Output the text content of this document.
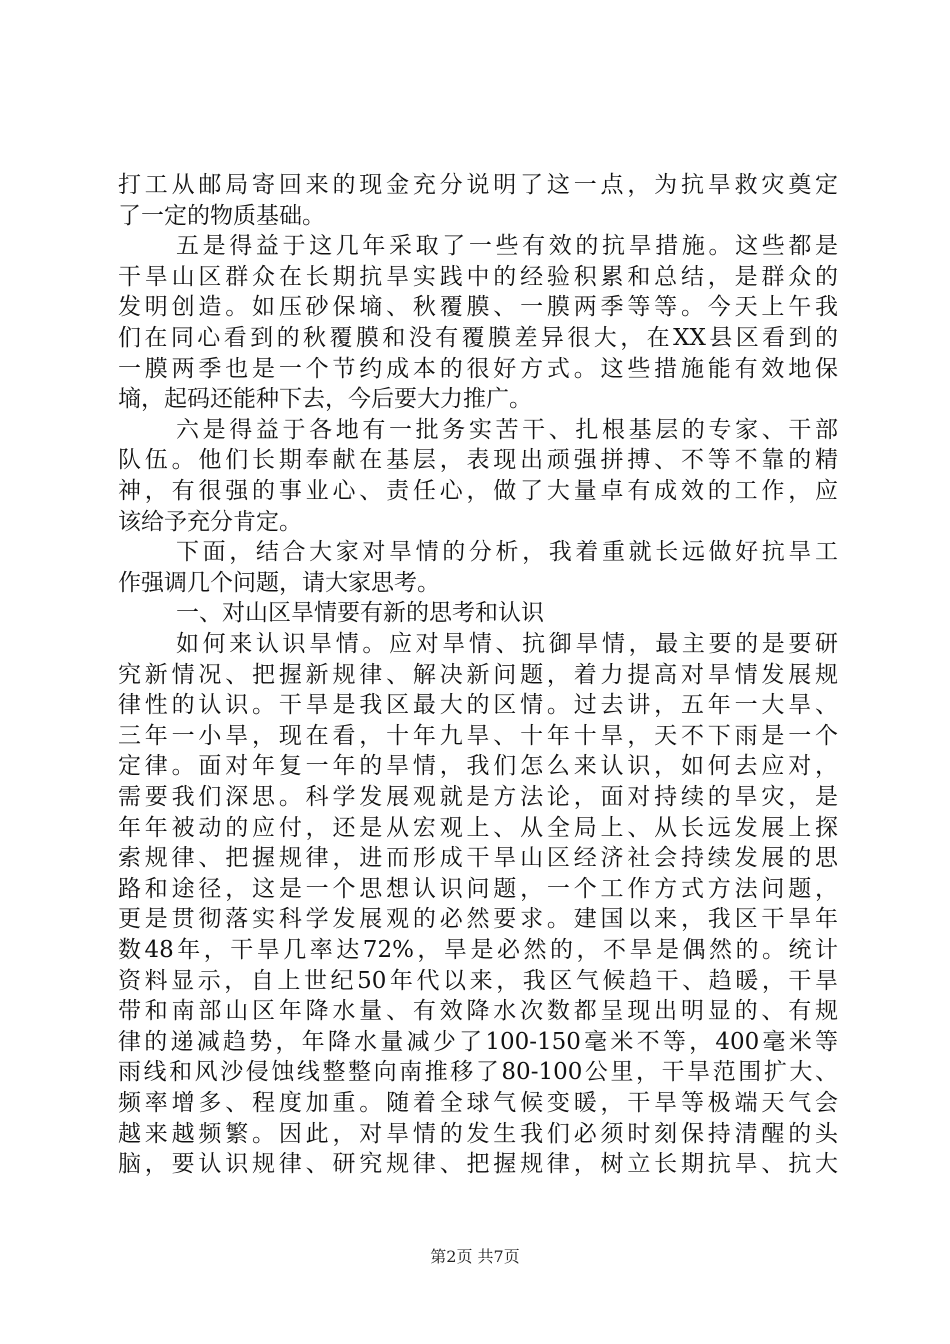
打工从邮局寄回来的现金充分说明了这一点，为抗旱救灾奠定
了一定的物质基础。
五是得益于这几年采取了一些有效的抗旱措施。这些都是
干旱山区群众在长期抗旱实践中的经验积累和总结，是群众的
发明创造。如压砂保墒、秋覆膜、一膜两季等等。今天上午我
们在同心看到的秋覆膜和没有覆膜差异很大，在XX县区看到的
一膜两季也是一个节约成本的很好方式。这些措施能有效地保
墒，起码还能种下去，今后要大力推广。
六是得益于各地有一批务实苦干、扎根基层的专家、干部
队伍。他们长期奉献在基层，表现出顽强拼搏、不等不靠的精
神，有很强的事业心、责任心，做了大量卓有成效的工作，应
该给予充分肯定。
下面，结合大家对旱情的分析，我着重就长远做好抗旱工
作强调几个问题，请大家思考。
一、对山区旱情要有新的思考和认识
如何来认识旱情。应对旱情、抗御旱情，最主要的是要研
究新情况、把握新规律、解决新问题，着力提高对旱情发展规
律性的认识。干旱是我区最大的区情。过去讲，五年一大旱、
三年一小旱，现在看，十年九旱、十年十旱，天不下雨是一个
定律。面对年复一年的旱情，我们怎么来认识，如何去应对，
需要我们深思。科学发展观就是方法论，面对持续的旱灾，是
年年被动的应付，还是从宏观上、从全局上、从长远发展上探
索规律、把握规律，进而形成干旱山区经济社会持续发展的思
路和途径，这是一个思想认识问题，一个工作方式方法问题，
更是贯彻落实科学发展观的必然要求。建国以来，我区干旱年
数48年，干旱几率达72%，旱是必然的，不旱是偶然的。统计
资料显示，自上世纪50年代以来，我区气候趋干、趋暖，干旱
带和南部山区年降水量、有效降水次数都呈现出明显的、有规
律的递减趋势，年降水量减少了100-150毫米不等，400毫米等
雨线和风沙侵蚀线整整向南推移了80-100公里，干旱范围扩大、
频率增多、程度加重。随着全球气候变暖，干旱等极端天气会
越来越频繁。因此，对旱情的发生我们必须时刻保持清醒的头
脑，要认识规律、研究规律、把握规律，树立长期抗旱、抗大
第2页 共7页
